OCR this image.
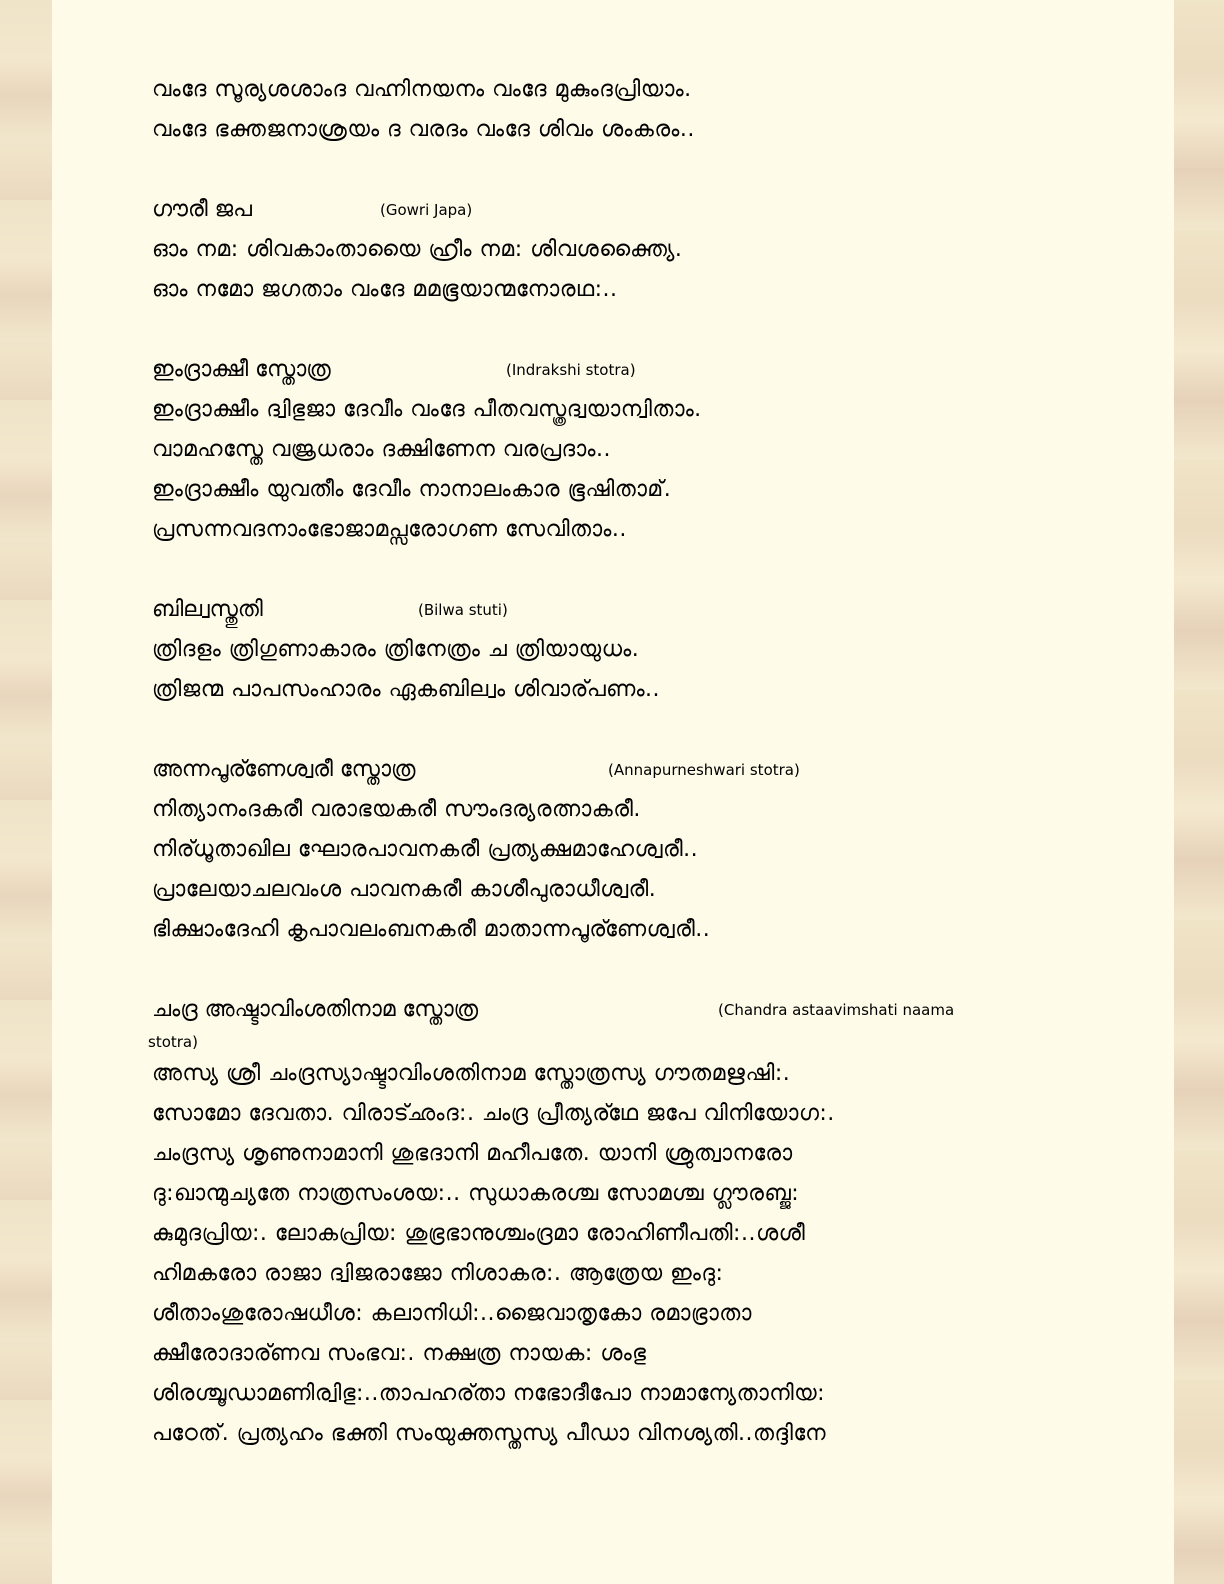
വംദേ സൂര്യശശാംദ വഹ്നിനയനം വംദേ മുകുംദപ്രിയാം.
വംദേ ഭക്തജനാശ്രയം ദ വരദം വംദേ ശിവം ശംകരം..
ഗൗരീ ജപ	(Gowri Japa)
ഓം നമ: ശിവകാംതായൈ ഹ്രീം നമ: ശിവശക്ത്യൈ.
ഓം നമോ ജഗതാം വംദേ മമഭൂയാന്മനോരഥ:..
ഇംദ്രാക്ഷീ സ്തോത്ര	(Indrakshi stotra)
ഇംദ്രാക്ഷീം ദ്വിഭുജാ ദേവീം വംദേ പീതവസ്ത്രദ്വയാന്വിതാം.
വാമഹസ്തേ വജ്രധരാം ദക്ഷിണേന വരപ്രദാം..
ഇംദ്രാക്ഷീം യുവതീം ദേവീം നാനാലംകാര ഭൂഷിതാമ്.
പ്രസന്നവദനാംഭോജാമപ്സരോഗണ സേവിതാം..
ബില്വസ്തുതി	(Bilwa stuti)
ത്രിദളം ത്രിഗുണാകാരം ത്രിനേത്രം ച ത്രിയായുധം.
ത്രിജന്മ പാപസംഹാരം ഏകബില്വം ശിവാര്പണം..
അന്നപൂര്ണേശ്വരീ സ്തോത്ര	(Annapurneshwari stotra)
നിത്യാനംദകരീ വരാഭയകരീ സൗംദര്യരത്നാകരീ.
നിര്ധൂതാഖില ഘോരപാവനകരീ പ്രത്യക്ഷമാഹേശ്വരീ..
പ്രാലേയാചലവംശ പാവനകരീ കാശീപുരാധീശ്വരീ.
ഭിക്ഷാംദേഹി കൃപാവലംബനകരീ മാതാന്നപൂര്ണേശ്വരീ..
ചംദ്ര അഷ്ടാവിംശതിനാമ സ്തോത്ര	(Chandra astaavimshati naama
stotra)
അസ്യ ശ്രീ ചംദ്രസ്യാഷ്ടാവിംശതിനാമ സ്തോത്രസ്യ ഗൗതമഋഷി:.
സോമോ ദേവതാ. വിരാട്ഛംദ:. ചംദ്ര പ്രീത്യര്ഥേ ജപേ വിനിയോഗ:.
ചംദ്രസ്യ ശൃണുനാമാനി ശുഭദാനി മഹീപതേ. യാനി ശ്രുത്വാനരോ
ദു:ഖാന്മുച്യതേ നാത്രസംശയ:.. സുധാകരശ്ച സോമശ്ച ഗ്ലൗരബ്ജ:
കുമുദപ്രിയ:. ലോകപ്രിയ: ശുഭ്രഭാനുശ്ചംദ്രമാ രോഹിണീപതി:..ശശീ
ഹിമകരോ രാജാ ദ്വിജരാജോ നിശാകര:. ആത്രേയ ഇംദു:
ശീതാംശുരോഷധീശ: കലാനിധി:..ജൈവാതൃകോ രമാഭ്രാതാ
ക്ഷീരോദാര്ണവ സംഭവ:. നക്ഷത്ര നായക: ശംഭു
ശിരശ്ചൂഡാമണിര്വിഭു:..താപഹര്താ നഭോദീപോ നാമാന്യേതാനിയ:
പഠേത്. പ്രത്യഹം ഭക്തി സംയുക്തസ്തസ്യ പീഡാ വിനശ്യതി..തദ്ദിനേ
